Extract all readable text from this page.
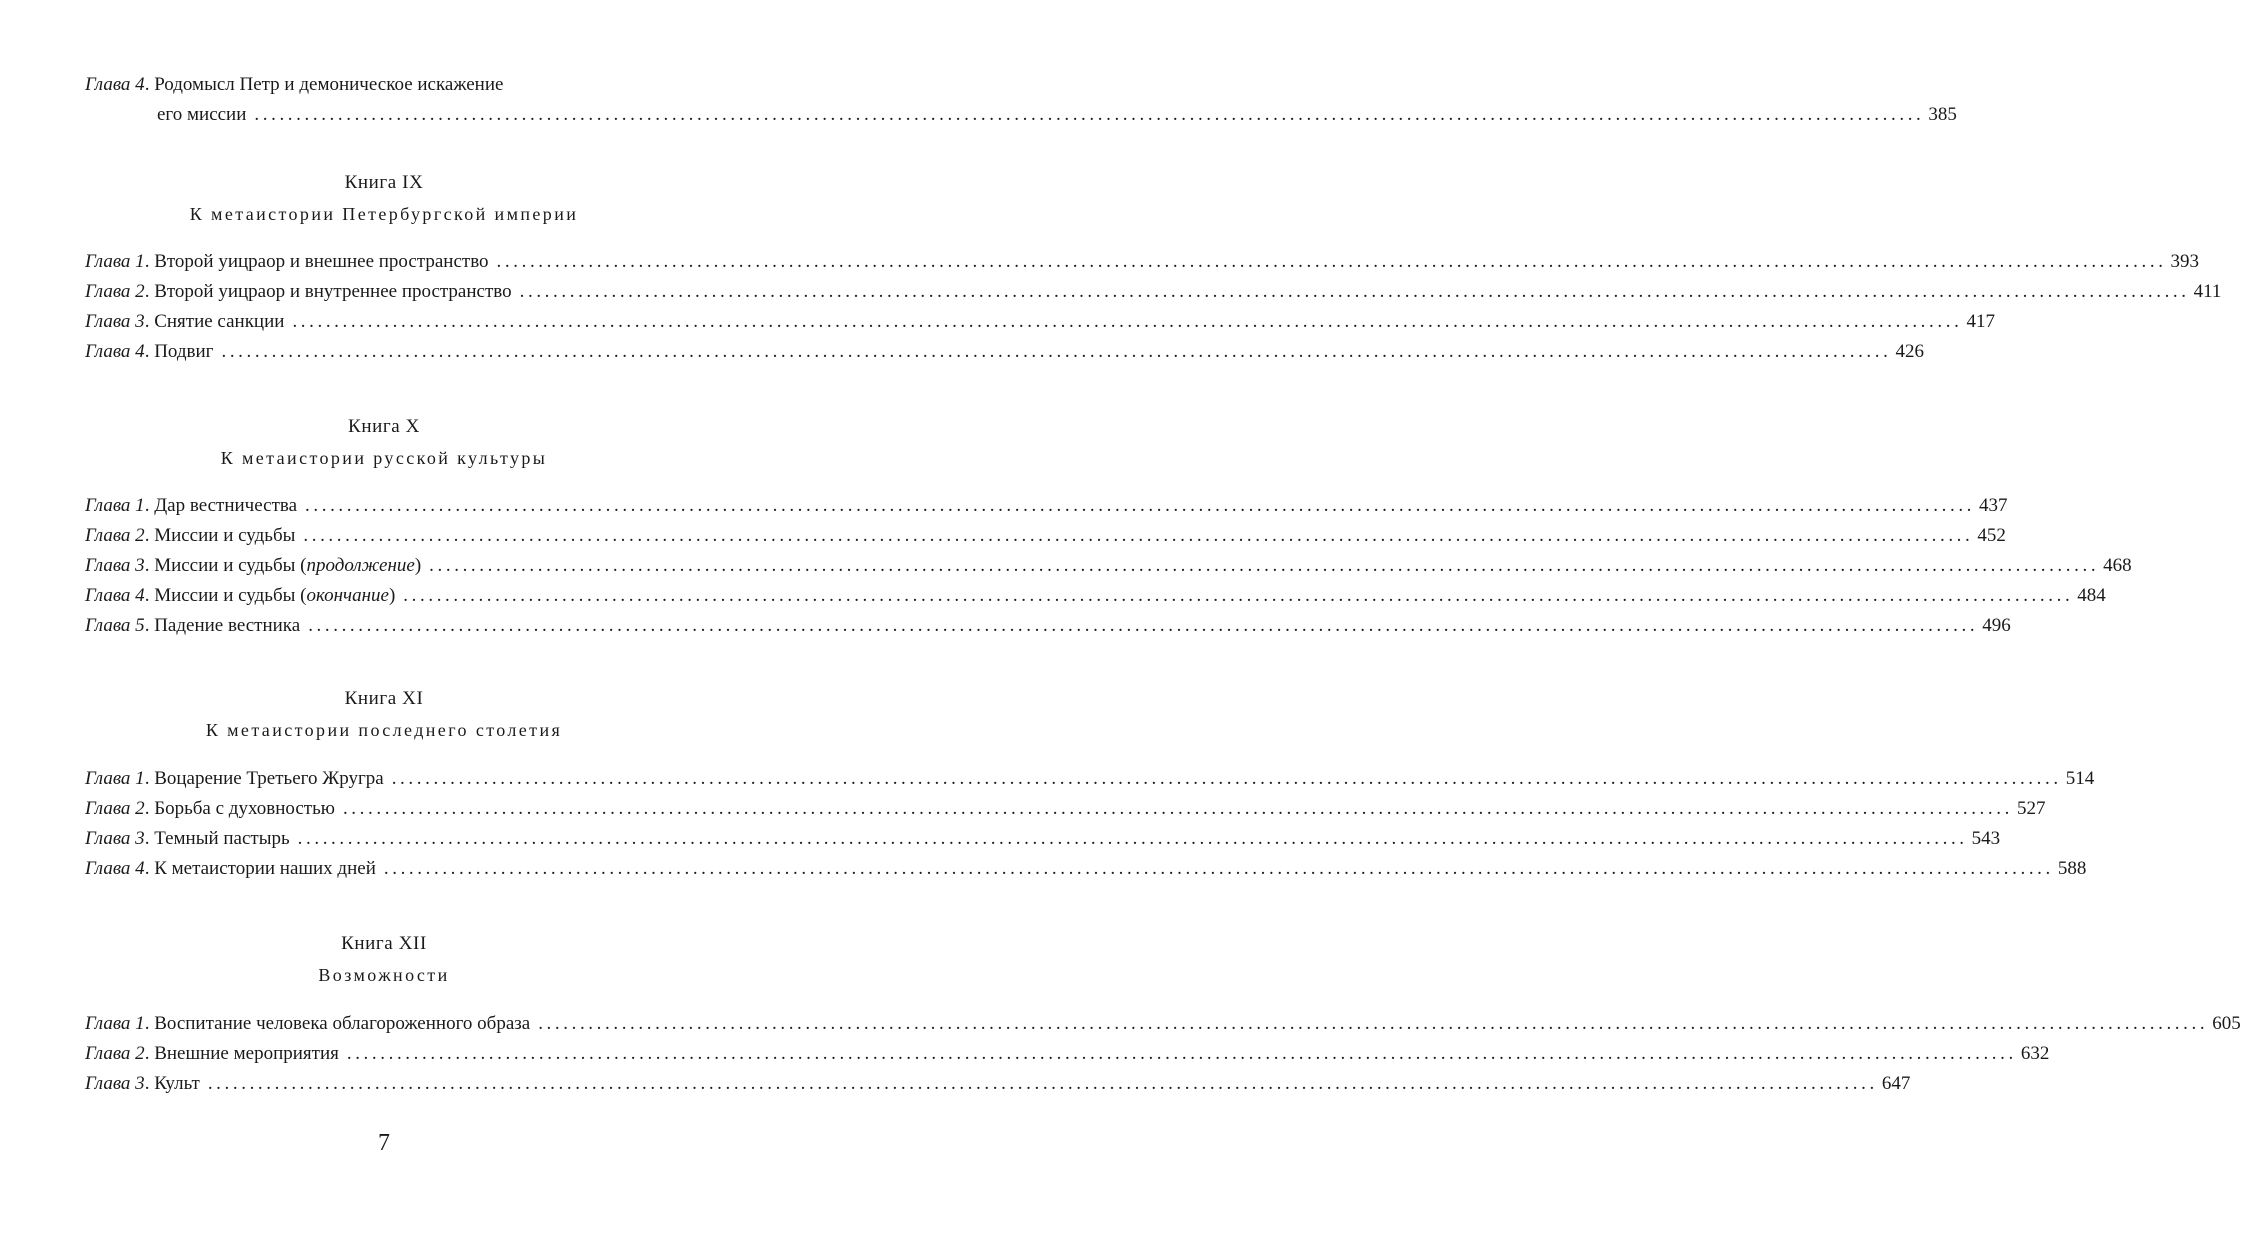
Глава 4 . Родомысл Петр и демоническое искажение
его миссии ........................................................................................................................................................................................................ 385
Книга IX
К метаистории Петербургской империи
Глава 1 . Второй уицраор и внешнее пространство ........................................................................................................................................................................................................ 393
Глава 2 . Второй уицраор и внутреннее пространство ........................................................................................................................................................................................................ 411
Глава 3 . Снятие санкции ........................................................................................................................................................................................................ 417
Глава 4 . Подвиг ........................................................................................................................................................................................................ 426
Книга X
К метаистории русской культуры
Глава 1 . Дар вестничества ........................................................................................................................................................................................................ 437
Глава 2 . Миссии и судьбы ........................................................................................................................................................................................................ 452
Глава 3 . Миссии и судьбы (продолжение) ........................................................................................................................................................................................................ 468
Глава 4 . Миссии и судьбы (окончание) ........................................................................................................................................................................................................ 484
Глава 5 . Падение вестника ........................................................................................................................................................................................................ 496
Книга XI
К метаистории последнего столетия
Глава 1 . Воцарение Третьего Жругра ........................................................................................................................................................................................................ 514
Глава 2 . Борьба с духовностью ........................................................................................................................................................................................................ 527
Глава 3 . Темный пастырь ........................................................................................................................................................................................................ 543
Глава 4 . К метаистории наших дней ........................................................................................................................................................................................................ 588
Книга XII
Возможности
Глава 1 . Воспитание человека облагороженного образа ........................................................................................................................................................................................................ 605
Глава 2 . Внешние мероприятия ........................................................................................................................................................................................................ 632
Глава 3 . Культ ........................................................................................................................................................................................................ 647
7
